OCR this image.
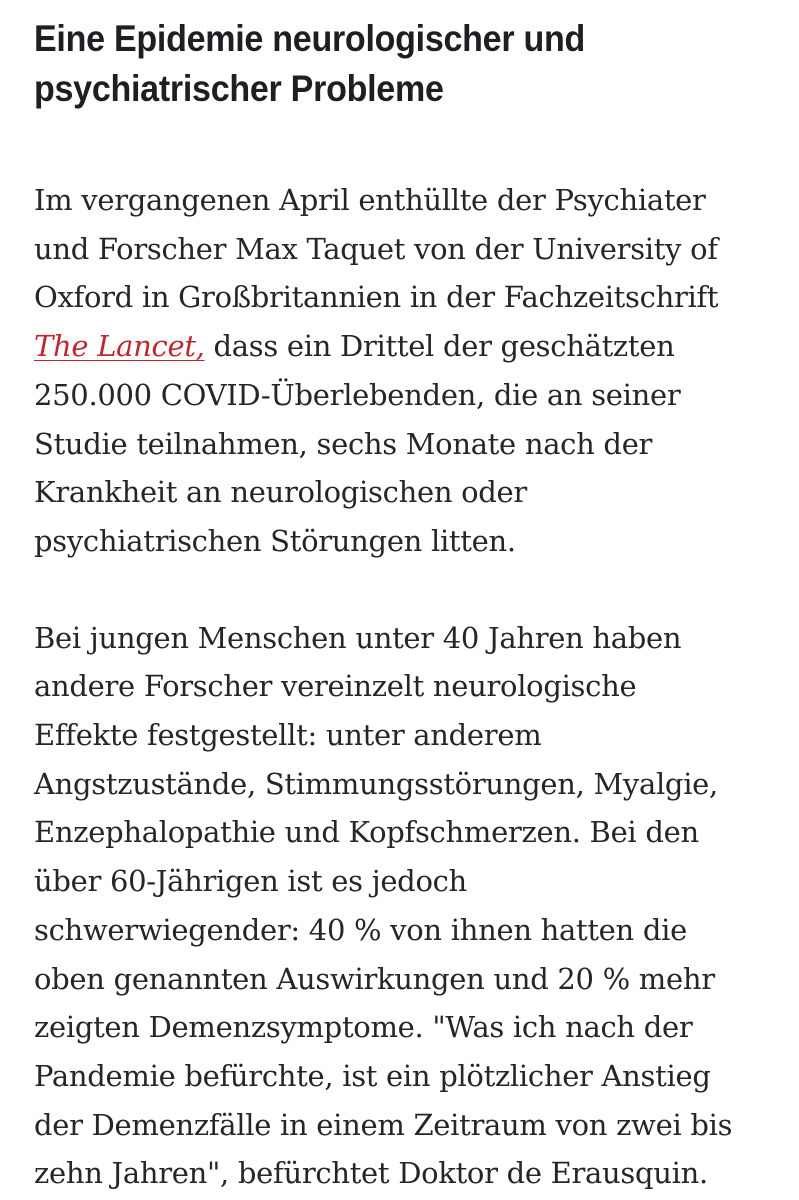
Eine Epidemie neurologischer und
psychiatrischer Probleme

Im vergangenen April enthüllte der Psychiater
und Forscher Max Taquet von der University of
Oxford in Großbritannien in der Fachzeitschrift
The Lancet, dass ein Drittel der geschätzten
250.000 COVID-Überlebenden, die an seiner
Studie teilnahmen, sechs Monate nach der
Krankheit an neurologischen oder
psychiatrischen Störungen litten.

Bei jungen Menschen unter 40 Jahren haben
andere Forscher vereinzelt neurologische
Effekte festgestellt: unter anderem
Angstzustände, Stimmungsstörungen, Myalgie,
Enzephalopathie und Kopfschmerzen. Bei den
über 60-Jährigen ist es jedoch
schwerwiegender: 40 % von ihnen hatten die
oben genannten Auswirkungen und 20 % mehr
zeigten Demenzsymptome. "Was ich nach der
Pandemie befürchte, ist ein plötzlicher Anstieg
der Demenzfälle in einem Zeitraum von zwei bis
zehn Jahren", befürchtet Doktor de Erausquin.
